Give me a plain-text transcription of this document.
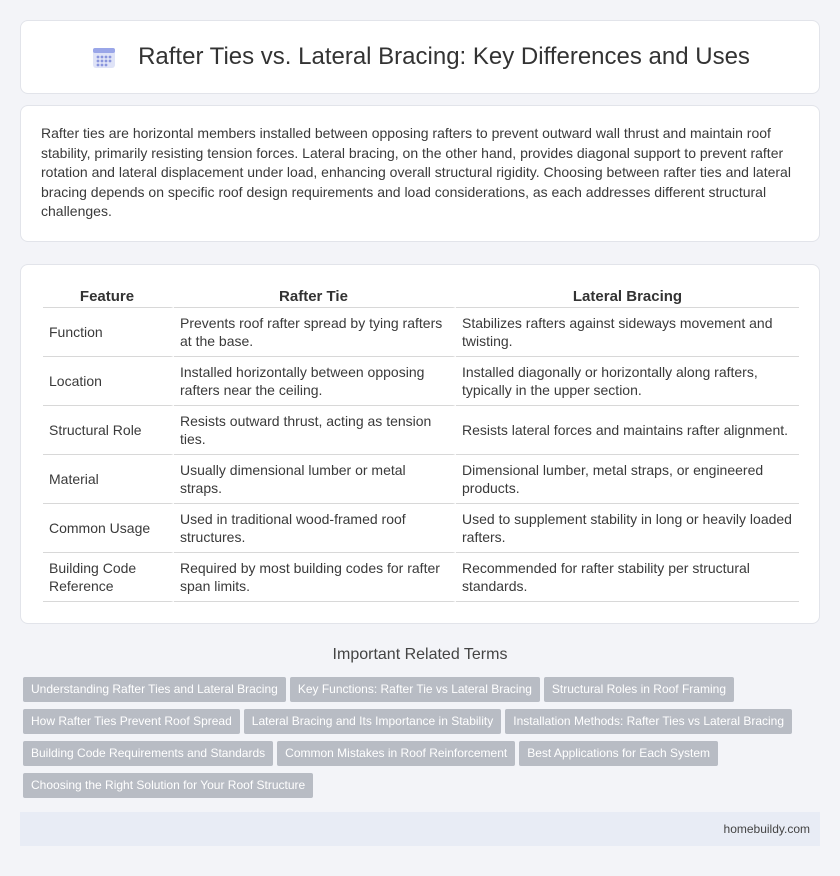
Rafter Ties vs. Lateral Bracing: Key Differences and Uses

Rafter ties are horizontal members installed between opposing rafters to prevent outward wall thrust and maintain roof stability, primarily resisting tension forces. Lateral bracing, on the other hand, provides diagonal support to prevent rafter rotation and lateral displacement under load, enhancing overall structural rigidity. Choosing between rafter ties and lateral bracing depends on specific roof design requirements and load considerations, as each addresses different structural challenges.

Feature	Rafter Tie	Lateral Bracing
Function	Prevents roof rafter spread by tying rafters at the base.	Stabilizes rafters against sideways movement and twisting.
Location	Installed horizontally between opposing rafters near the ceiling.	Installed diagonally or horizontally along rafters, typically in the upper section.
Structural Role	Resists outward thrust, acting as tension ties.	Resists lateral forces and maintains rafter alignment.
Material	Usually dimensional lumber or metal straps.	Dimensional lumber, metal straps, or engineered products.
Common Usage	Used in traditional wood-framed roof structures.	Used to supplement stability in long or heavily loaded rafters.
Building Code Reference	Required by most building codes for rafter span limits.	Recommended for rafter stability per structural standards.
Important Related Terms
Understanding Rafter Ties and Lateral Bracing Key Functions: Rafter Tie vs Lateral Bracing Structural Roles in Roof Framing
How Rafter Ties Prevent Roof Spread Lateral Bracing and Its Importance in Stability Installation Methods: Rafter Ties vs Lateral Bracing
Building Code Requirements and Standards Common Mistakes in Roof Reinforcement Best Applications for Each System
Choosing the Right Solution for Your Roof Structure
homebuildy.com
